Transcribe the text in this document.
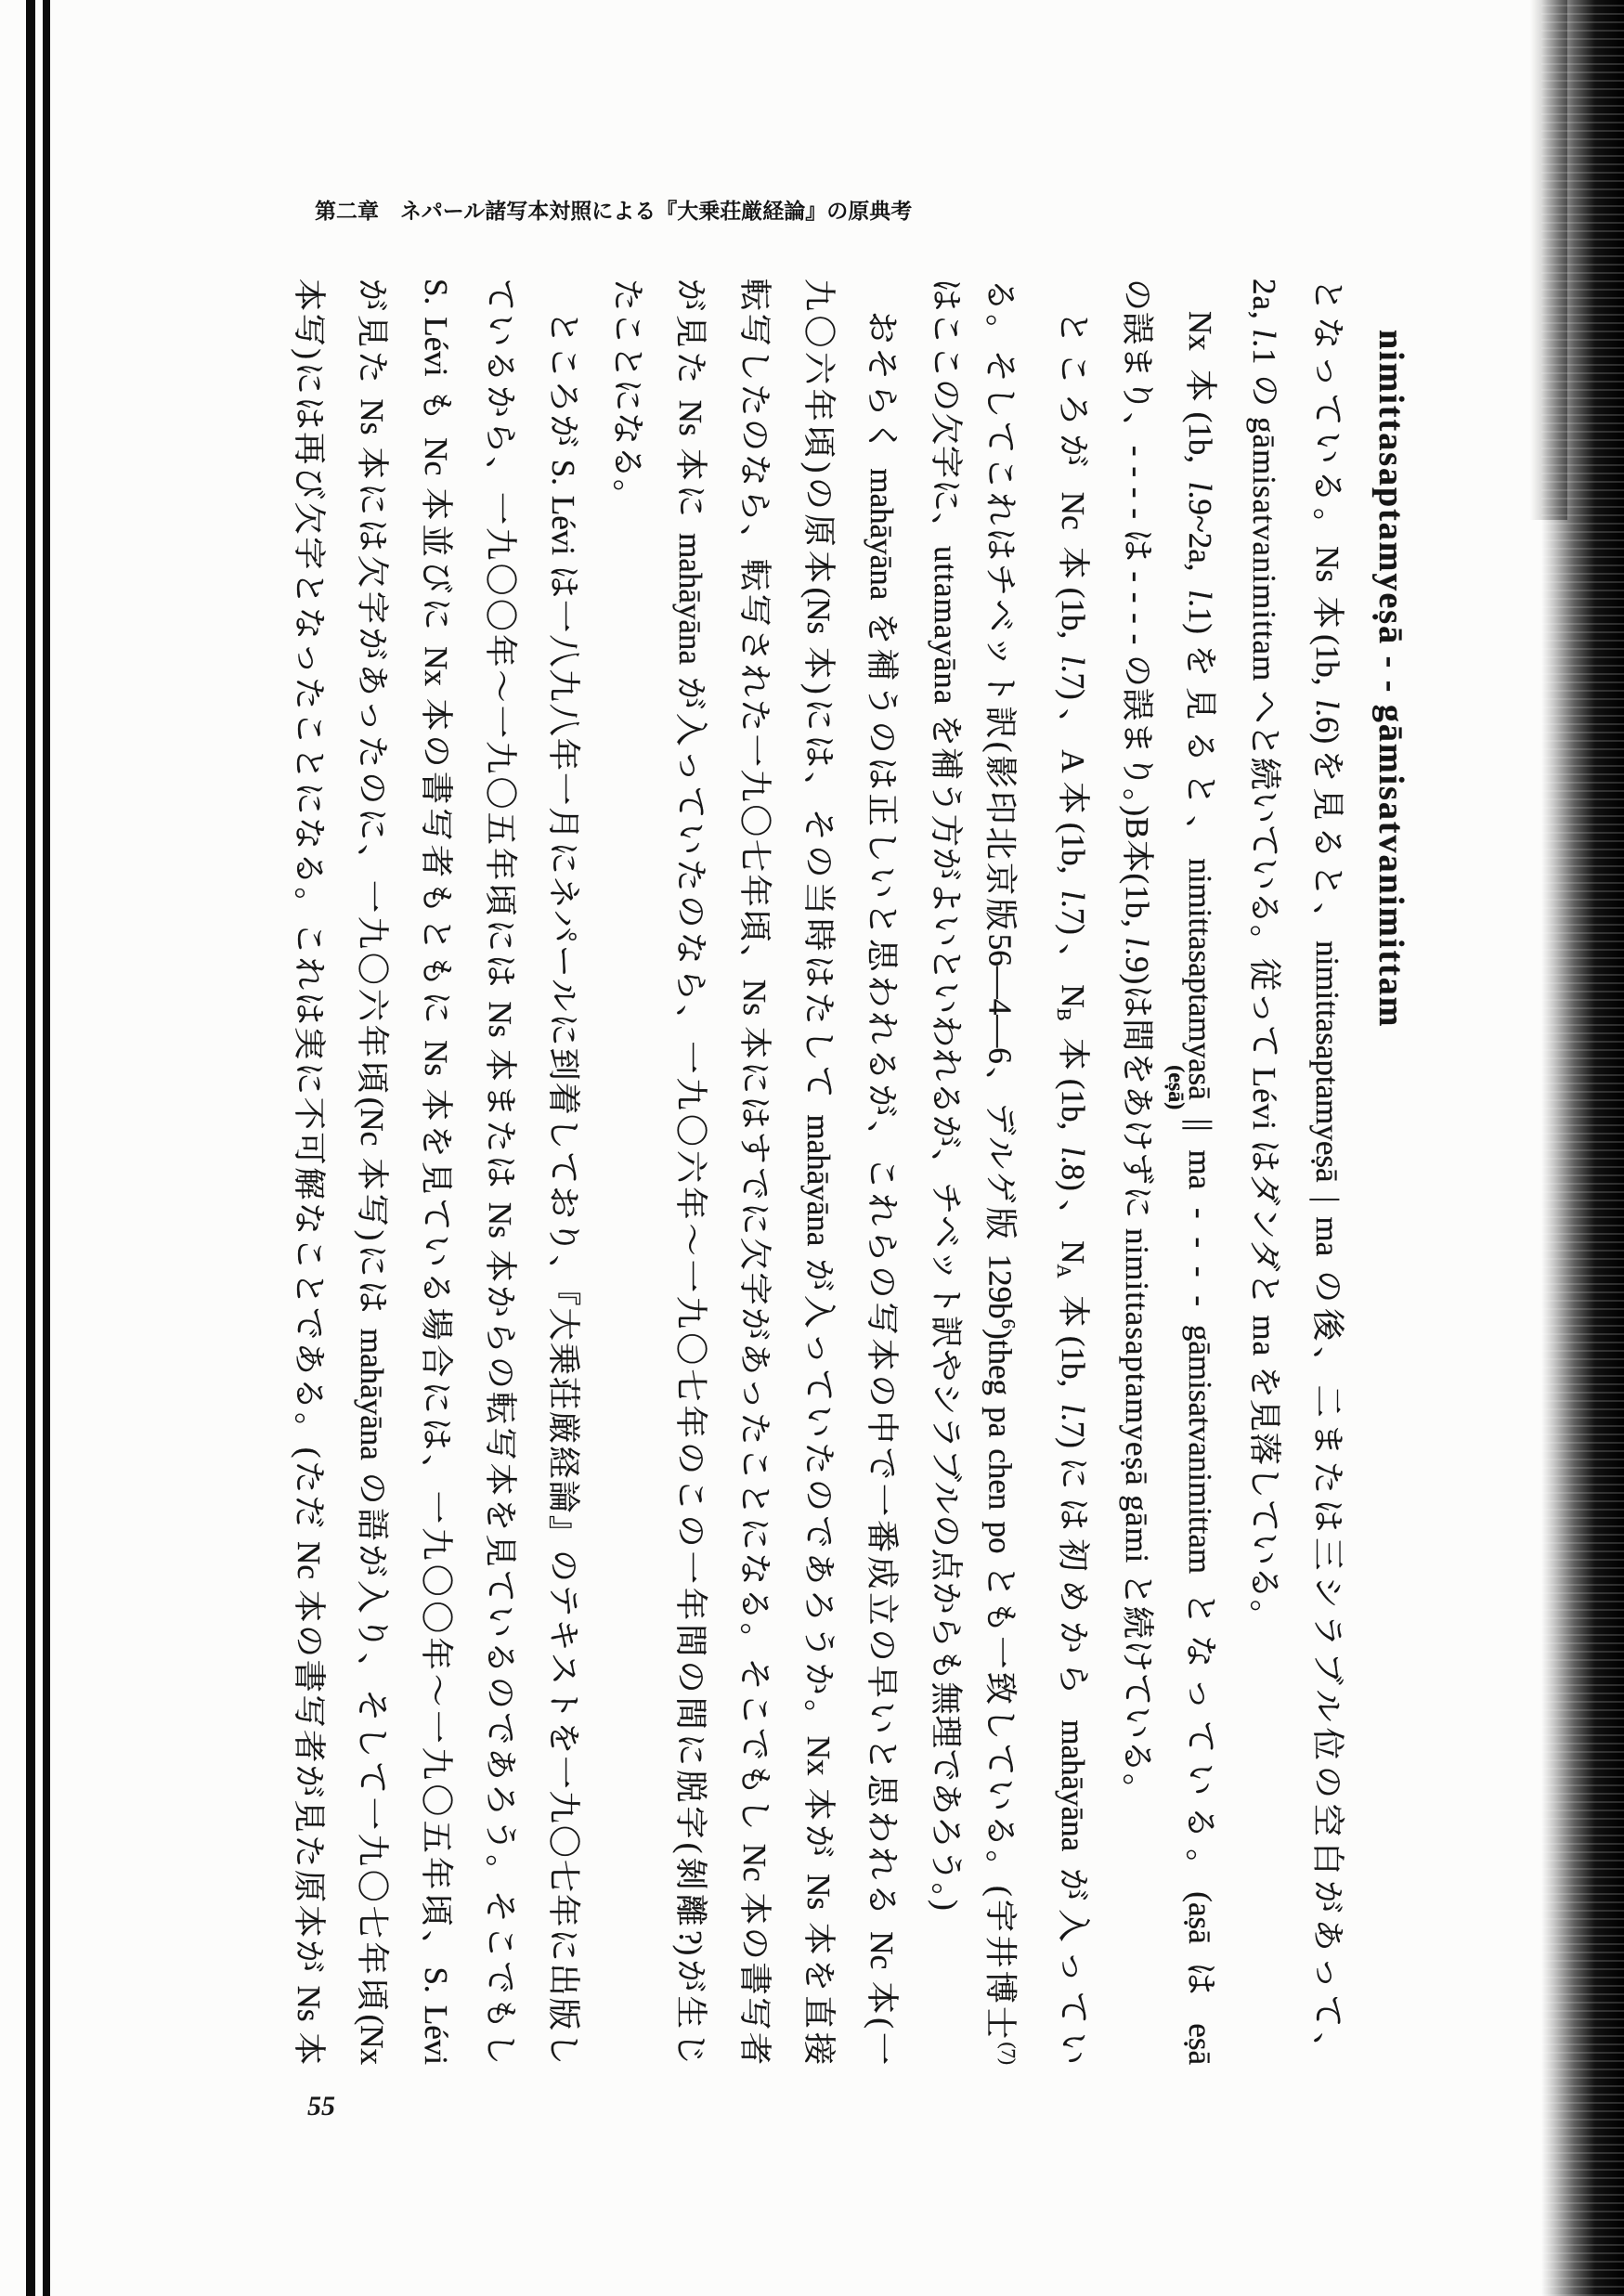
第二章　ネパール諸写本対照による『大乗荘厳経論』の原典考
nimittasaptamyeṣā - - gāmisatvanimittam
となっている。Ns 本(1b, l.6)を見ると、nimittasaptamyeṣā | ma の後、二または三シラブル位の空白があって、
2a, l.1 の gāmisatvanimittam へと続いている。従って Lévi はダンダと ma を見落している。
Nx 本(1b, l.9~2a, l.1)を見ると、nimittasaptamyasā
(eṣā)
|| ma - - - - gāmisatvanimittam となっている。(aṣā は eṣā
の誤まり、- - - - は - - - - の誤まり。)B本(1b, l.9)は間をあけずに nimittasaptamyeṣā gāmi と続けている。
ところが Nc 本(1b, l.7)、A本(1b, l.7)、$N_B$ 本(1b, l.8)、$N_A$ 本(1b, l.7)には初めから mahāyāna が入ってい
る。そしてこれはチベット訳(影印北京版56―4―6、デルゲ版 $129b^6)theg$ pa chen po とも一致している。(宇井博士$^{(7)}$
はここの欠字に、uttamayāna を補う方がよいといわれるが、チベット訳やシラブルの点からも無理であろう。)
おそらく mahāyāna を補うのは正しいと思われるが、これらの写本の中で一番成立の早いと思われる Nc 本(一
九〇六年頃)の原本(Ns 本)には、その当時はたして mahāyāna が入っていたのであろうか。Nx 本が Ns 本を直接
転写したのなら、転写された一九〇七年頃、Ns 本にはすでに欠字があったことになる。そこでもし Nc 本の書写者
が見た Ns 本に mahāyāna が入っていたのなら、一九〇六年～一九〇七年のこの一年間の間に脱字(剝離?)が生じ
たことになる。
ところが S. Lévi は一八九八年一月にネパールに到着しており、『大乗荘厳経論』のテキストを一九〇七年に出版し
ているから、一九〇〇年～一九〇五年頃には Ns 本または Ns 本からの転写本を見ているのであろう。そこでもし
S. Lévi も Nc 本並びに Nx 本の書写者もともに Ns 本を見ている場合には、一九〇〇年～一九〇五年頃、S. Lévi
が見た Ns 本には欠字があったのに、一九〇六年頃(Nc 本写)には mahāyāna の語が入り、そして一九〇七年頃(Nx
本写)には再び欠字となったことになる。これは実に不可解なことである。(ただ Nc 本の書写者が見た原本が Ns 本
55
